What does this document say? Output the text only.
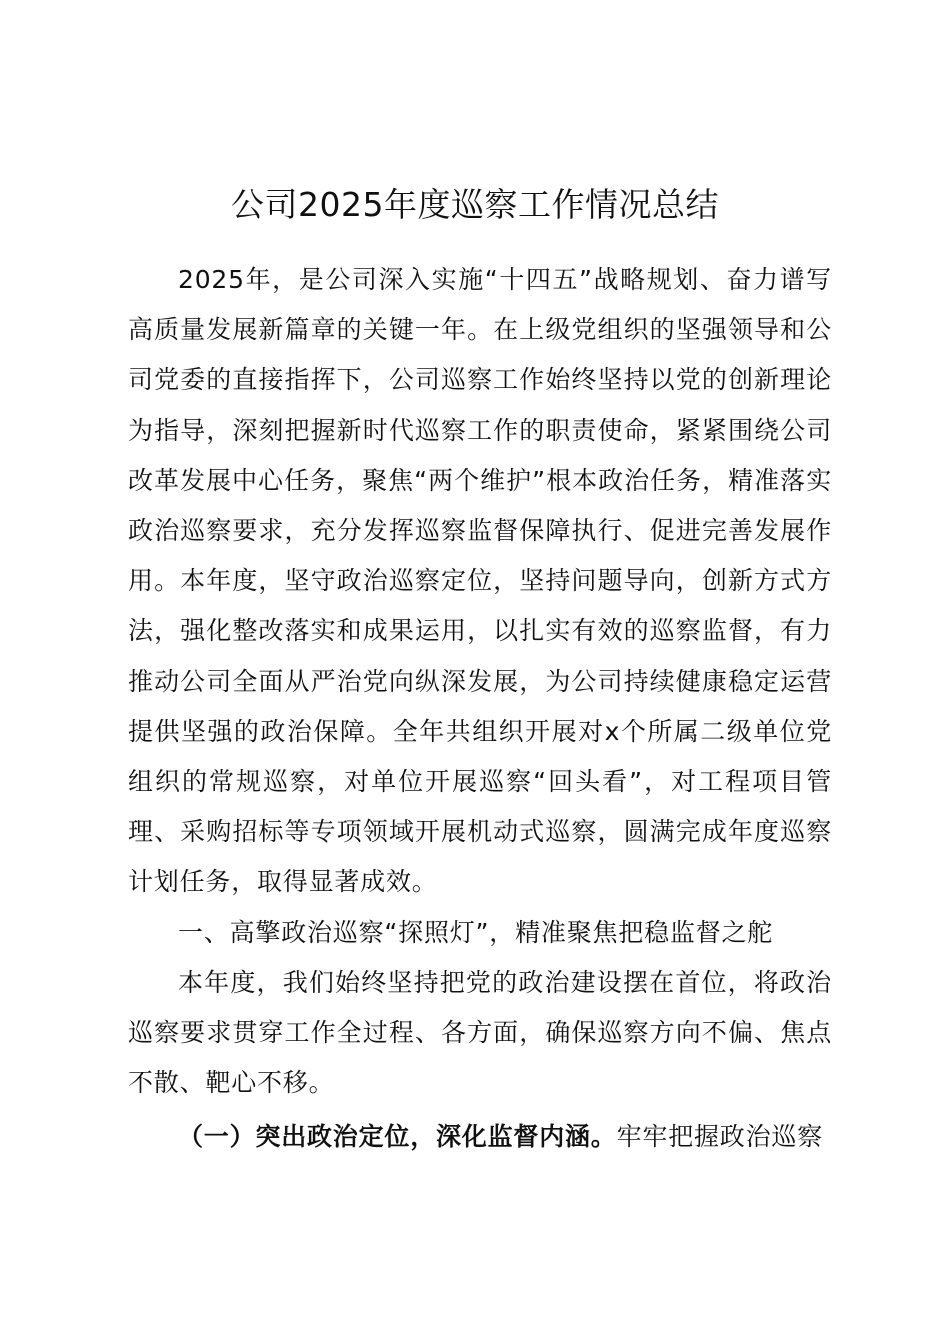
公司2025年度巡察工作情况总结

2025年，是公司深入实施“十四五”战略规划、奋力谱写高质量发展新篇章的关键一年。在上级党组织的坚强领导和公司党委的直接指挥下，公司巡察工作始终坚持以党的创新理论为指导，深刻把握新时代巡察工作的职责使命，紧紧围绕公司改革发展中心任务，聚焦“两个维护”根本政治任务，精准落实政治巡察要求，充分发挥巡察监督保障执行、促进完善发展作用。本年度，坚守政治巡察定位，坚持问题导向，创新方式方法，强化整改落实和成果运用，以扎实有效的巡察监督，有力推动公司全面从严治党向纵深发展，为公司持续健康稳定运营提供坚强的政治保障。全年共组织开展对x个所属二级单位党组织的常规巡察，对单位开展巡察“回头看”，对工程项目管理、采购招标等专项领域开展机动式巡察，圆满完成年度巡察计划任务，取得显著成效。

一、高擎政治巡察“探照灯”，精准聚焦把稳监督之舵

本年度，我们始终坚持把党的政治建设摆在首位，将政治巡察要求贯穿工作全过程、各方面，确保巡察方向不偏、焦点不散、靶心不移。

（一）突出政治定位，深化监督内涵。牢牢把握政治巡察
